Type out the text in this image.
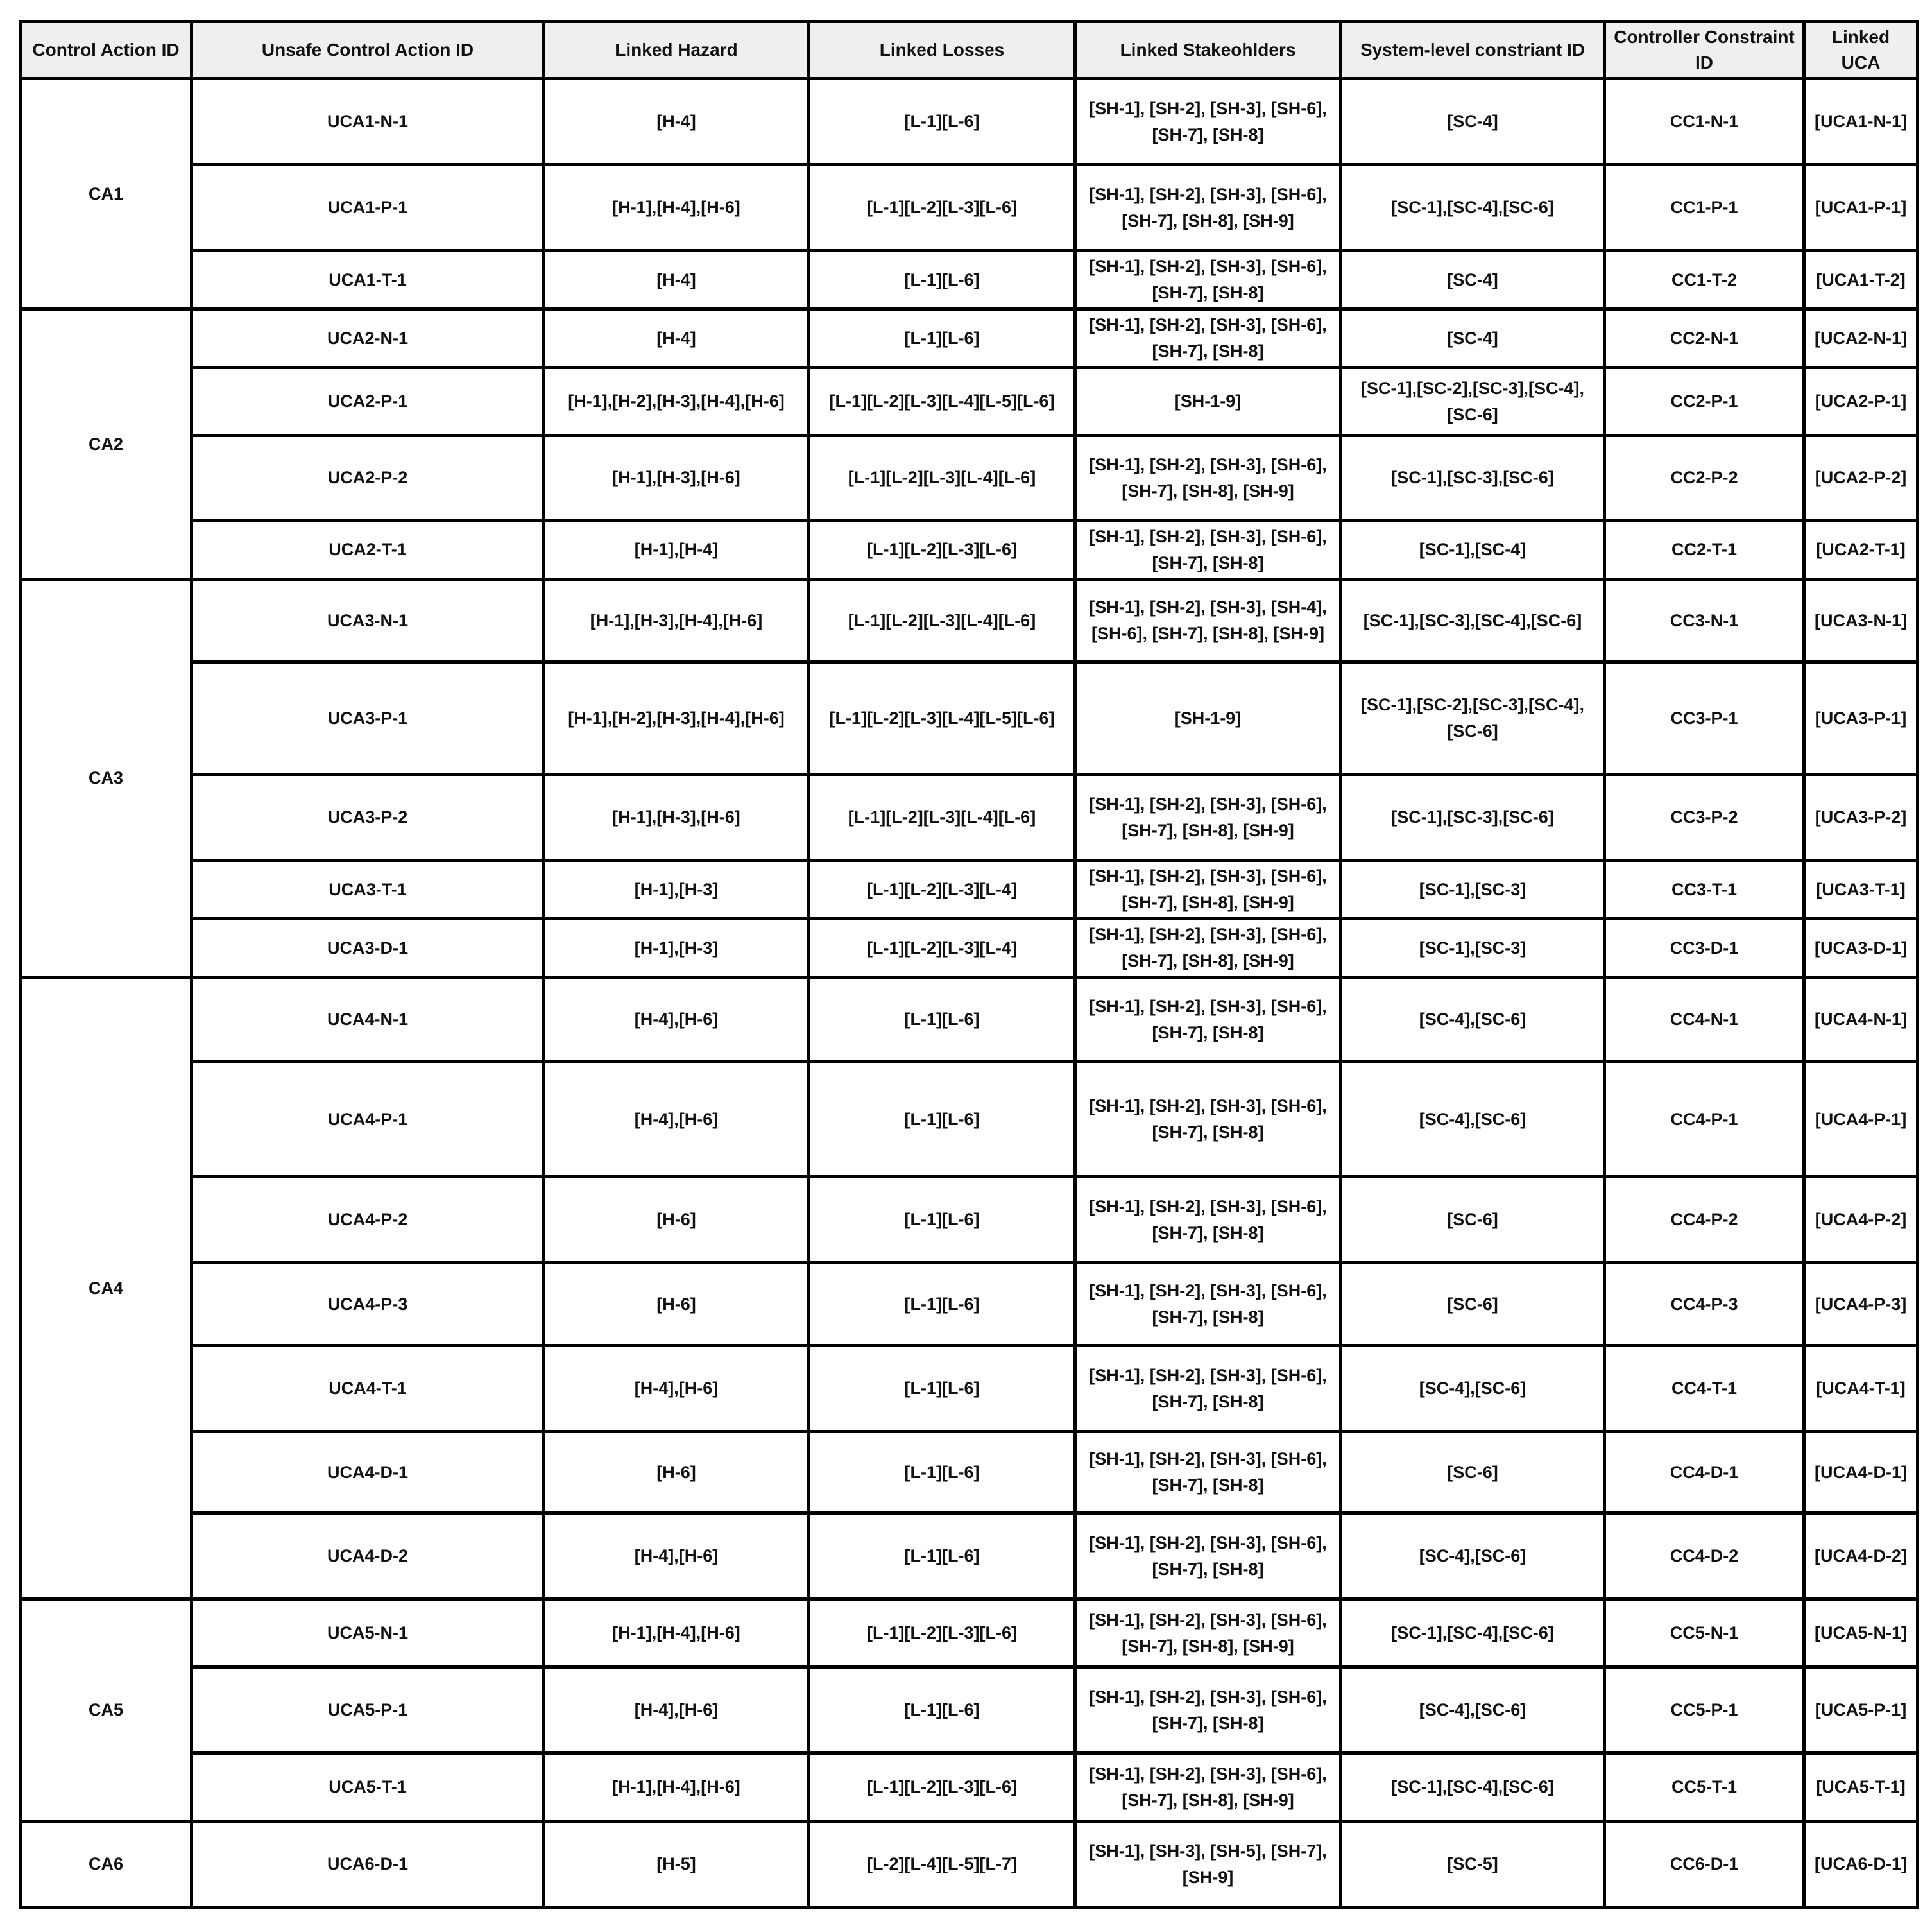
Control Action ID	Unsafe Control Action ID	Linked Hazard	Linked Losses	Linked Stakeohlders	System-level constriant ID	Controller Constraint ID	Linked UCA
CA1	UCA1-N-1	[H-4]	[L-1][L-6]	[SH-1], [SH-2], [SH-3], [SH-6], [SH-7], [SH-8]	[SC-4]	CC1-N-1	[UCA1-N-1]
	UCA1-P-1	[H-1],[H-4],[H-6]	[L-1][L-2][L-3][L-6]	[SH-1], [SH-2], [SH-3], [SH-6], [SH-7], [SH-8], [SH-9]	[SC-1],[SC-4],[SC-6]	CC1-P-1	[UCA1-P-1]
	UCA1-T-1	[H-4]	[L-1][L-6]	[SH-1], [SH-2], [SH-3], [SH-6], [SH-7], [SH-8]	[SC-4]	CC1-T-2	[UCA1-T-2]
CA2	UCA2-N-1	[H-4]	[L-1][L-6]	[SH-1], [SH-2], [SH-3], [SH-6], [SH-7], [SH-8]	[SC-4]	CC2-N-1	[UCA2-N-1]
	UCA2-P-1	[H-1],[H-2],[H-3],[H-4],[H-6]	[L-1][L-2][L-3][L-4][L-5][L-6]	[SH-1-9]	[SC-1],[SC-2],[SC-3],[SC-4],[SC-6]	CC2-P-1	[UCA2-P-1]
	UCA2-P-2	[H-1],[H-3],[H-6]	[L-1][L-2][L-3][L-4][L-6]	[SH-1], [SH-2], [SH-3], [SH-6], [SH-7], [SH-8], [SH-9]	[SC-1],[SC-3],[SC-6]	CC2-P-2	[UCA2-P-2]
	UCA2-T-1	[H-1],[H-4]	[L-1][L-2][L-3][L-6]	[SH-1], [SH-2], [SH-3], [SH-6], [SH-7], [SH-8]	[SC-1],[SC-4]	CC2-T-1	[UCA2-T-1]
CA3	UCA3-N-1	[H-1],[H-3],[H-4],[H-6]	[L-1][L-2][L-3][L-4][L-6]	[SH-1], [SH-2], [SH-3], [SH-4], [SH-6], [SH-7], [SH-8], [SH-9]	[SC-1],[SC-3],[SC-4],[SC-6]	CC3-N-1	[UCA3-N-1]
	UCA3-P-1	[H-1],[H-2],[H-3],[H-4],[H-6]	[L-1][L-2][L-3][L-4][L-5][L-6]	[SH-1-9]	[SC-1],[SC-2],[SC-3],[SC-4],[SC-6]	CC3-P-1	[UCA3-P-1]
	UCA3-P-2	[H-1],[H-3],[H-6]	[L-1][L-2][L-3][L-4][L-6]	[SH-1], [SH-2], [SH-3], [SH-6], [SH-7], [SH-8], [SH-9]	[SC-1],[SC-3],[SC-6]	CC3-P-2	[UCA3-P-2]
	UCA3-T-1	[H-1],[H-3]	[L-1][L-2][L-3][L-4]	[SH-1], [SH-2], [SH-3], [SH-6], [SH-7], [SH-8], [SH-9]	[SC-1],[SC-3]	CC3-T-1	[UCA3-T-1]
	UCA3-D-1	[H-1],[H-3]	[L-1][L-2][L-3][L-4]	[SH-1], [SH-2], [SH-3], [SH-6], [SH-7], [SH-8], [SH-9]	[SC-1],[SC-3]	CC3-D-1	[UCA3-D-1]
CA4	UCA4-N-1	[H-4],[H-6]	[L-1][L-6]	[SH-1], [SH-2], [SH-3], [SH-6], [SH-7], [SH-8]	[SC-4],[SC-6]	CC4-N-1	[UCA4-N-1]
	UCA4-P-1	[H-4],[H-6]	[L-1][L-6]	[SH-1], [SH-2], [SH-3], [SH-6], [SH-7], [SH-8]	[SC-4],[SC-6]	CC4-P-1	[UCA4-P-1]
	UCA4-P-2	[H-6]	[L-1][L-6]	[SH-1], [SH-2], [SH-3], [SH-6], [SH-7], [SH-8]	[SC-6]	CC4-P-2	[UCA4-P-2]
	UCA4-P-3	[H-6]	[L-1][L-6]	[SH-1], [SH-2], [SH-3], [SH-6], [SH-7], [SH-8]	[SC-6]	CC4-P-3	[UCA4-P-3]
	UCA4-T-1	[H-4],[H-6]	[L-1][L-6]	[SH-1], [SH-2], [SH-3], [SH-6], [SH-7], [SH-8]	[SC-4],[SC-6]	CC4-T-1	[UCA4-T-1]
	UCA4-D-1	[H-6]	[L-1][L-6]	[SH-1], [SH-2], [SH-3], [SH-6], [SH-7], [SH-8]	[SC-6]	CC4-D-1	[UCA4-D-1]
	UCA4-D-2	[H-4],[H-6]	[L-1][L-6]	[SH-1], [SH-2], [SH-3], [SH-6], [SH-7], [SH-8]	[SC-4],[SC-6]	CC4-D-2	[UCA4-D-2]
CA5	UCA5-N-1	[H-1],[H-4],[H-6]	[L-1][L-2][L-3][L-6]	[SH-1], [SH-2], [SH-3], [SH-6], [SH-7], [SH-8], [SH-9]	[SC-1],[SC-4],[SC-6]	CC5-N-1	[UCA5-N-1]
	UCA5-P-1	[H-4],[H-6]	[L-1][L-6]	[SH-1], [SH-2], [SH-3], [SH-6], [SH-7], [SH-8]	[SC-4],[SC-6]	CC5-P-1	[UCA5-P-1]
	UCA5-T-1	[H-1],[H-4],[H-6]	[L-1][L-2][L-3][L-6]	[SH-1], [SH-2], [SH-3], [SH-6], [SH-7], [SH-8], [SH-9]	[SC-1],[SC-4],[SC-6]	CC5-T-1	[UCA5-T-1]
CA6	UCA6-D-1	[H-5]	[L-2][L-4][L-5][L-7]	[SH-1], [SH-3], [SH-5], [SH-7], [SH-9]	[SC-5]	CC6-D-1	[UCA6-D-1]
